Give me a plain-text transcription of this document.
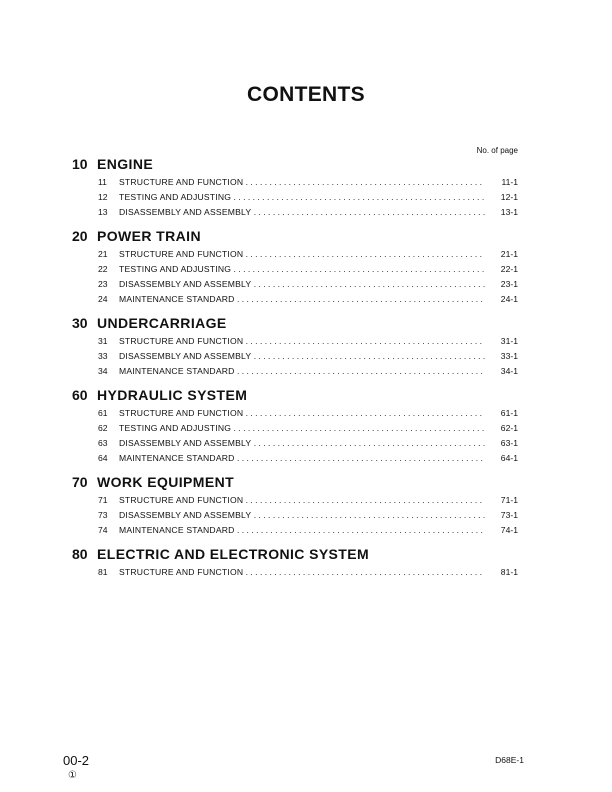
CONTENTS
No. of page
10 ENGINE
11 STRUCTURE AND FUNCTION . . .	11-1
12 TESTING AND ADJUSTING . . .	12-1
13 DISASSEMBLY AND ASSEMBLY . . .	13-1
20 POWER TRAIN
21 STRUCTURE AND FUNCTION . . .	21-1
22 TESTING AND ADJUSTING . . .	22-1
23 DISASSEMBLY AND ASSEMBLY . . .	23-1
24 MAINTENANCE STANDARD . . .	24-1
30 UNDERCARRIAGE
31 STRUCTURE AND FUNCTION . . .	31-1
33 DISASSEMBLY AND ASSEMBLY . . .	33-1
34 MAINTENANCE STANDARD . . .	34-1
60 HYDRAULIC SYSTEM
61 STRUCTURE AND FUNCTION . . .	61-1
62 TESTING AND ADJUSTING . . .	62-1
63 DISASSEMBLY AND ASSEMBLY . . .	63-1
64 MAINTENANCE STANDARD . . .	64-1
70 WORK EQUIPMENT
71 STRUCTURE AND FUNCTION . . .	71-1
73 DISASSEMBLY AND ASSEMBLY . . .	73-1
74 MAINTENANCE STANDARD . . .	74-1
80 ELECTRIC AND ELECTRONIC SYSTEM
81 STRUCTURE AND FUNCTION . . .	81-1
00-2
①
D68E-1
